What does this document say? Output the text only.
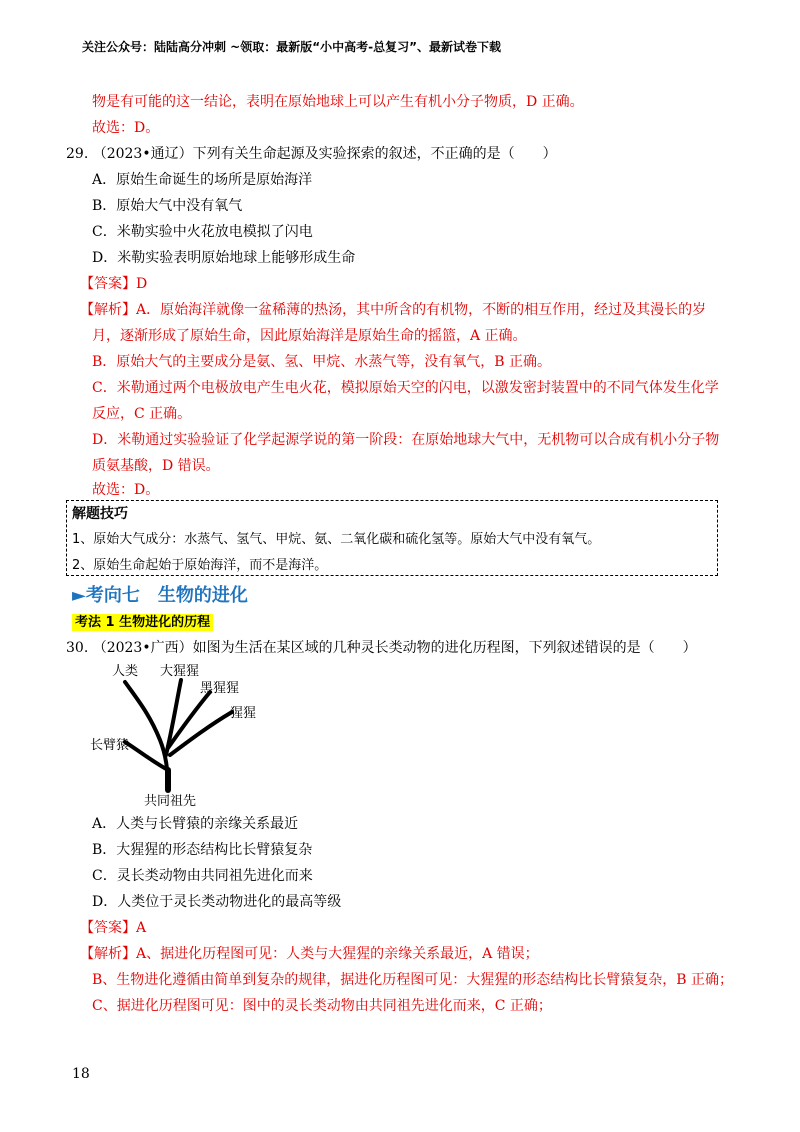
关注公众号：陆陆高分冲刺 ~领取：最新版“小中高考-总复习”、最新试卷下载
物是有可能的这一结论，表明在原始地球上可以产生有机小分子物质，D 正确。
故选：D。
29. （2023•通辽）下列有关生命起源及实验探索的叙述，不正确的是（　　）
A．原始生命诞生的场所是原始海洋
B．原始大气中没有氧气
C．米勒实验中火花放电模拟了闪电
D．米勒实验表明原始地球上能够形成生命
【答案】D
【解析】A．原始海洋就像一盆稀薄的热汤，其中所含的有机物，不断的相互作用，经过及其漫长的岁
月，逐渐形成了原始生命，因此原始海洋是原始生命的摇篮，A 正确。
B．原始大气的主要成分是氨、氢、甲烷、水蒸气等，没有氧气，B 正确。
C．米勒通过两个电极放电产生电火花，模拟原始天空的闪电，以激发密封装置中的不同气体发生化学
反应，C 正确。
D．米勒通过实验验证了化学起源学说的第一阶段：在原始地球大气中，无机物可以合成有机小分子物
质氨基酸，D 错误。
故选：D。
解题技巧
1、原始大气成分：水蒸气、氢气、甲烷、氨、二氧化碳和硫化氢等。原始大气中没有氧气。
2、原始生命起始于原始海洋，而不是海洋。
►考向七　生物的进化
考法 1 生物进化的历程
30. （2023•广西）如图为生活在某区域的几种灵长类动物的进化历程图，下列叙述错误的是（　　）
人类 大猩猩
黑猩猩
猩猩
长臂猿
共同祖先
A．人类与长臂猿的亲缘关系最近
B．大猩猩的形态结构比长臂猿复杂
C．灵长类动物由共同祖先进化而来
D．人类位于灵长类动物进化的最高等级
【答案】A
【解析】A、据进化历程图可见：人类与大猩猩的亲缘关系最近，A 错误；
B、生物进化遵循由简单到复杂的规律，据进化历程图可见：大猩猩的形态结构比长臂猿复杂，B 正确；
C、据进化历程图可见：图中的灵长类动物由共同祖先进化而来，C 正确；
18
